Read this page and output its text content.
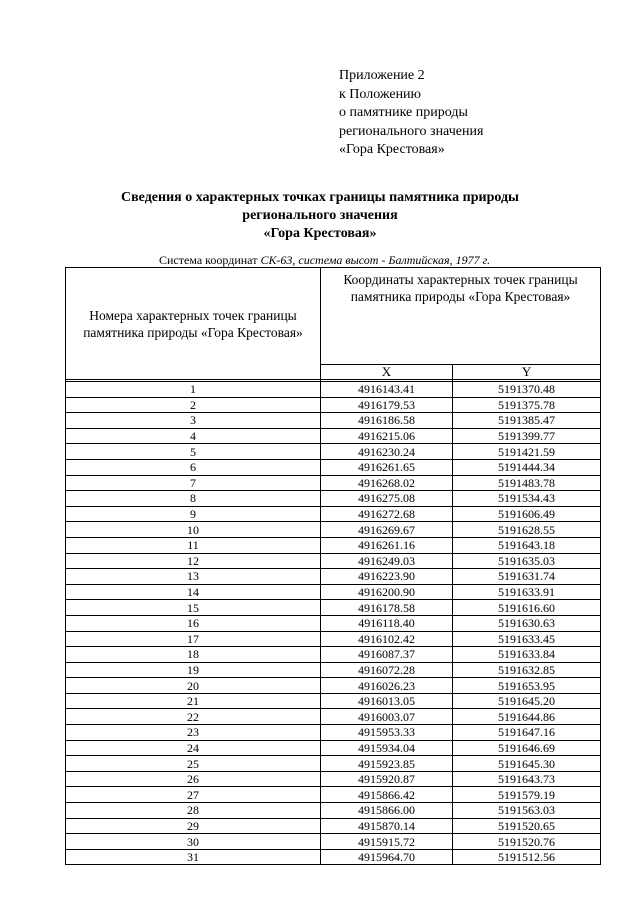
Приложение 2
к Положению
о памятнике природы
регионального значения
«Гора Крестовая»
Сведения о характерных точках границы памятника природы
регионального значения
«Гора Крестовая»
Система координат СК-63, система высот - Балтийская, 1977 г.
Номера характерных точек границы памятника природы «Гора Крестовая»	Координаты характерных точек границы памятника природы «Гора Крестовая»	
	X	Y

1	4916143.41	5191370.48
2	4916179.53	5191375.78
3	4916186.58	5191385.47
4	4916215.06	5191399.77
5	4916230.24	5191421.59
6	4916261.65	5191444.34
7	4916268.02	5191483.78
8	4916275.08	5191534.43
9	4916272.68	5191606.49
10	4916269.67	5191628.55
11	4916261.16	5191643.18
12	4916249.03	5191635.03
13	4916223.90	5191631.74
14	4916200.90	5191633.91
15	4916178.58	5191616.60
16	4916118.40	5191630.63
17	4916102.42	5191633.45
18	4916087.37	5191633.84
19	4916072.28	5191632.85
20	4916026.23	5191653.95
21	4916013.05	5191645.20
22	4916003.07	5191644.86
23	4915953.33	5191647.16
24	4915934.04	5191646.69
25	4915923.85	5191645.30
26	4915920.87	5191643.73
27	4915866.42	5191579.19
28	4915866.00	5191563.03
29	4915870.14	5191520.65
30	4915915.72	5191520.76
31	4915964.70	5191512.56
